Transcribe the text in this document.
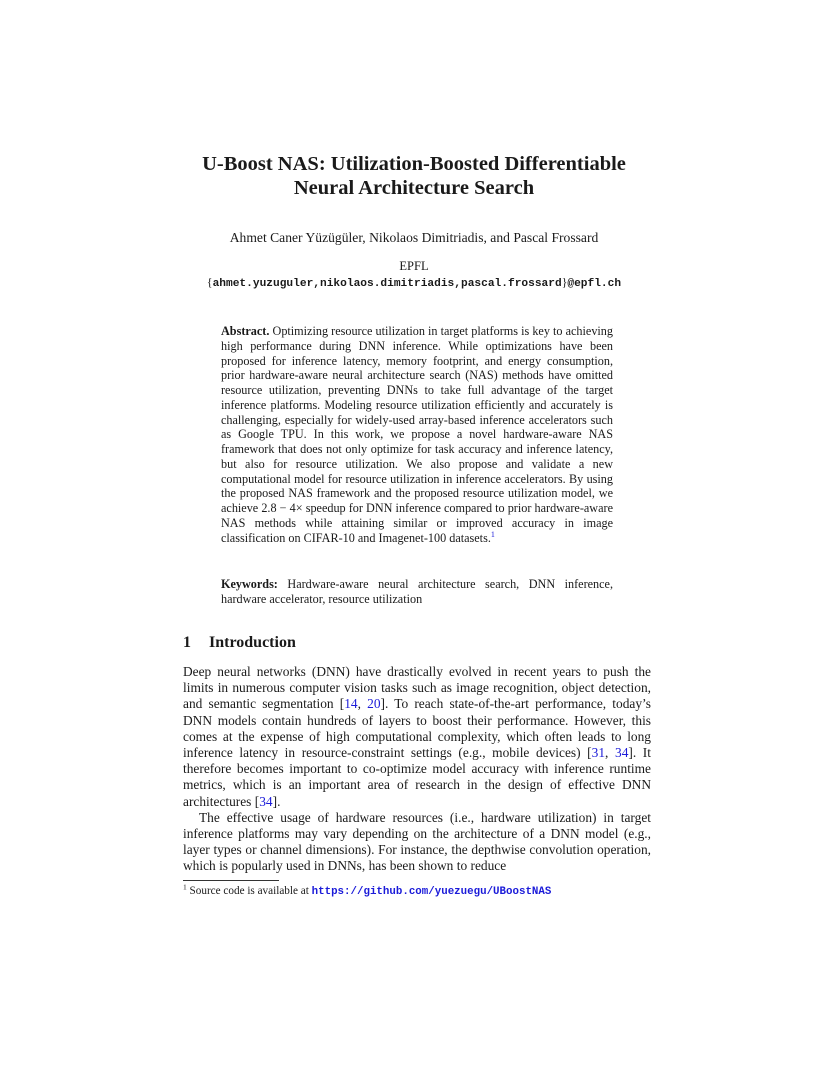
U-Boost NAS: Utilization-Boosted Differentiable
Neural Architecture Search
Ahmet Caner Yüzügüler, Nikolaos Dimitriadis, and Pascal Frossard
EPFL
{ahmet.yuzuguler,nikolaos.dimitriadis,pascal.frossard}@epfl.ch
Abstract. Optimizing resource utilization in target platforms is key to achieving high performance during DNN inference. While optimizations have been proposed for inference latency, memory footprint, and energy consumption, prior hardware-aware neural architecture search (NAS) methods have omitted resource utilization, preventing DNNs to take full advantage of the target inference platforms. Modeling resource utilization efficiently and accurately is challenging, especially for widely-used array-based inference accelerators such as Google TPU. In this work, we propose a novel hardware-aware NAS framework that does not only optimize for task accuracy and inference latency, but also for resource utilization. We also propose and validate a new computational model for resource utilization in inference accelerators. By using the proposed NAS framework and the proposed resource utilization model, we achieve 2.8 − 4× speedup for DNN inference compared to prior hardware-aware NAS methods while attaining similar or improved accuracy in image classification on CIFAR-10 and Imagenet-100 datasets.$^1$
Keywords: Hardware-aware neural architecture search, DNN inference, hardware accelerator, resource utilization
1 Introduction

Deep neural networks (DNN) have drastically evolved in recent years to push the limits in numerous computer vision tasks such as image recognition, object detection, and semantic segmentation [14, 20]. To reach state-of-the-art performance, today’s DNN models contain hundreds of layers to boost their performance. However, this comes at the expense of high computational complexity, which often leads to long inference latency in resource-constraint settings (e.g., mobile devices) [31, 34]. It therefore becomes important to co-optimize model accuracy with inference runtime metrics, which is an important area of research in the design of effective DNN architectures [34].

The effective usage of hardware resources (i.e., hardware utilization) in target inference platforms may vary depending on the architecture of a DNN model (e.g., layer types or channel dimensions). For instance, the depthwise convolution operation, which is popularly used in DNNs, has been shown to reduce

$^1$ Source code is available at https://github.com/yuezuegu/UBoostNAS
